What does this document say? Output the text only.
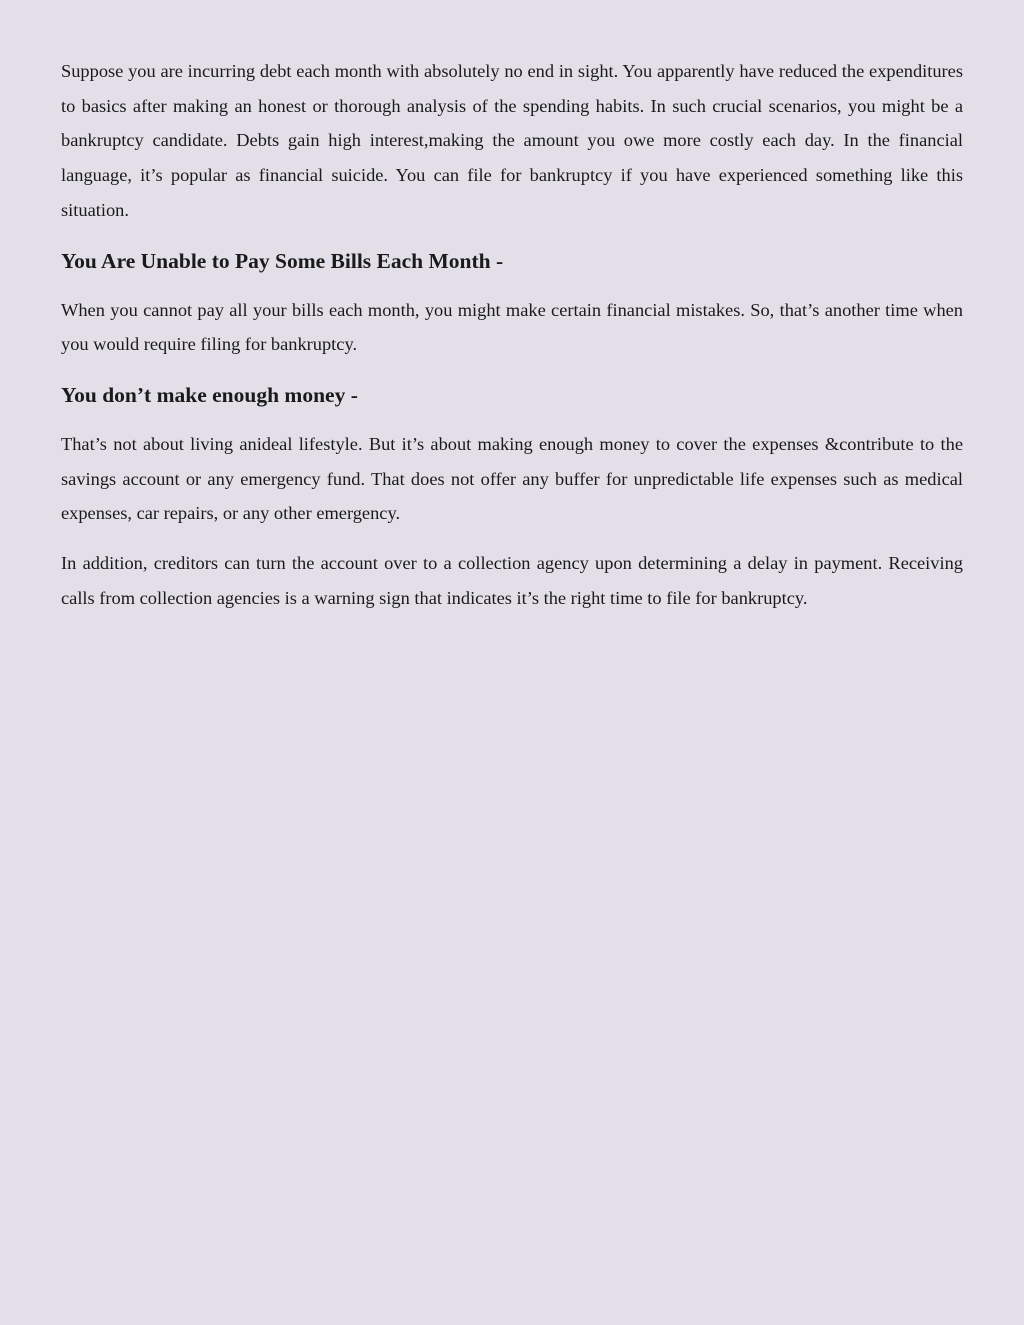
Suppose you are incurring debt each month with absolutely no end in sight. You apparently have reduced the expenditures to basics after making an honest or thorough analysis of the spending habits. In such crucial scenarios, you might be a bankruptcy candidate. Debts gain high interest,making the amount you owe more costly each day. In the financial language, it’s popular as financial suicide. You can file for bankruptcy if you have experienced something like this situation.

You Are Unable to Pay Some Bills Each Month -

When you cannot pay all your bills each month, you might make certain financial mistakes. So, that’s another time when you would require filing for bankruptcy.

You don’t make enough money -

That’s not about living anideal lifestyle. But it’s about making enough money to cover the expenses &contribute to the savings account or any emergency fund. That does not offer any buffer for unpredictable life expenses such as medical expenses, car repairs, or any other emergency.

In addition, creditors can turn the account over to a collection agency upon determining a delay in payment. Receiving calls from collection agencies is a warning sign that indicates it’s the right time to file for bankruptcy.
